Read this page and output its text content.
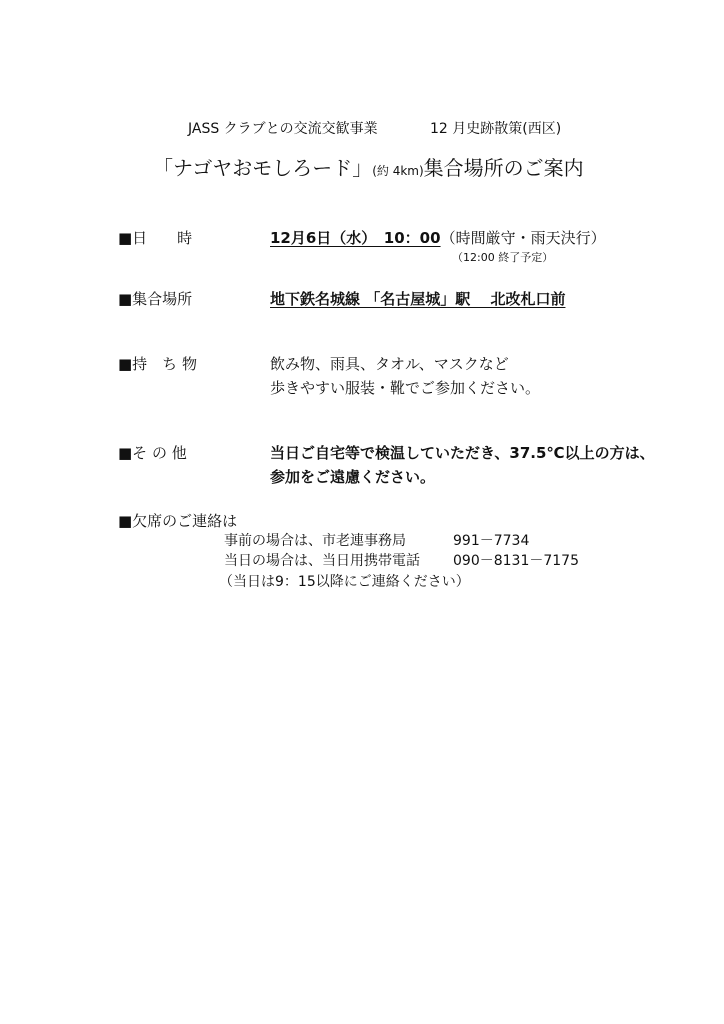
JASS クラブとの交流交歓事業	12 月史跡散策(西区)
「ナゴヤおモしろード」(約 4km)集合場所のご案内
■日　　時	12月6日（水）　10：00（時間厳守・雨天決行）
（12:00 終了予定）
■集合場所	地下鉄名城線 「名古屋城」駅　 北改札口前
■持　ち 物	飲み物、雨具、タオル、マスクなど
歩きやすい服装・靴でご参加ください。
■そ の 他	当日ご自宅等で検温していただき、37.5℃以上の方は、
参加をご遠慮ください。
■欠席のご連絡は
事前の場合は、市老連事務局	991－7734
当日の場合は、当日用携帯電話 090－8131－7175
（当日は9：15以降にご連絡ください）
